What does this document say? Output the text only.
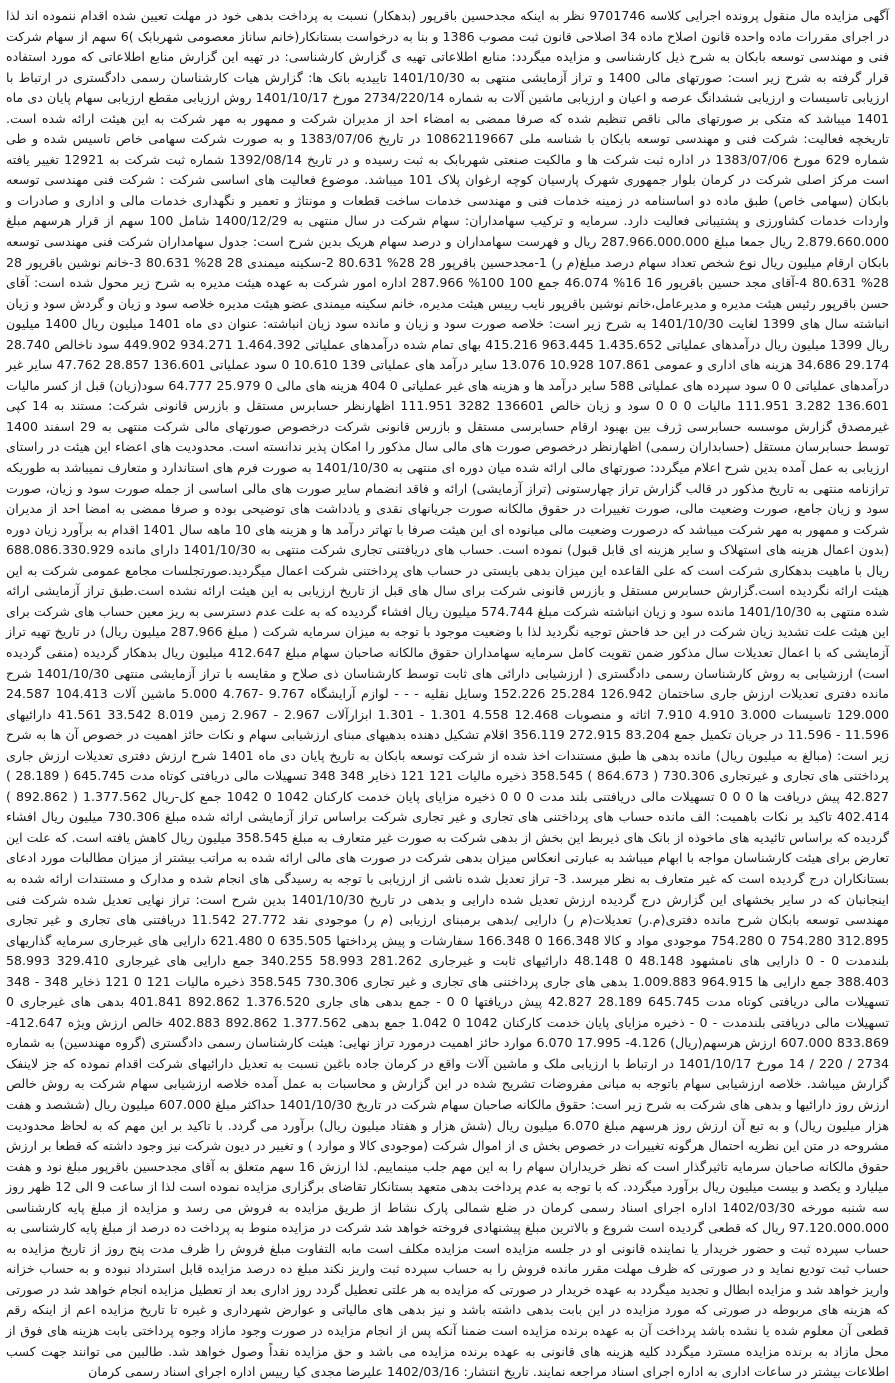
آگهی مزایده مال منقول پرونده اجرایی کلاسه 9701746 نظر به اینکه مجدحسین باقرپور (بدهکار) نسبت به پرداخت بدهی خود در مهلت تعیین شده اقدام ننموده اند لذا در اجرای مقررات ماده واحده قانون اصلاح ماده 34 اصلاحی قانون ثبت مصوب 1386 و بنا به درخواست بستانکار(خانم ساناز معصومی شهربابک )6 سهم از سهام شرکت فنی و مهندسی توسعه بابکان به شرح ذیل کارشناسی و مزایده میگردد: منابع اطلاعاتی تهیه ی گزارش کارشناسی: در تهیه این گزارش منابع اطلاعاتی که مورد استفاده قرار گرفته به شرح زیر است: صورتهای مالی 1400 و تراز آزمایشی منتهی به 1401/10/30 تاییدیه بانک ها: گزارش هیات کارشناسان رسمی دادگستری در ارتباط با ارزیابی تاسیسات و ارزیابی ششدانگ عرصه و اعیان و ارزیابی ماشین آلات به شماره 2734/220/14 مورخ 1401/10/17 روش ارزیابی مقطع ارزیابی سهام پایان دی ماه 1401 میباشد که متکی بر صورتهای مالی ناقص تنظیم شده که صرفا ممضی به امضاء احد از مدیران شرکت و ممهور به مهر شرکت به این هیئت ارائه شده است. تاریخچه فعالیت: شرکت فنی و مهندسی توسعه بابکان با شناسه ملی 10862119667 در تاریخ 1383/07/06 و به صورت شرکت سهامی خاص تاسیس شده و طی شماره 629 مورخ 1383/07/06 در اداره ثبت شرکت ها و مالکیت صنعتی شهربابک به ثبت رسیده و در تاریخ 1392/08/14 شماره ثبت شرکت به 12921 تغییر یافته است مرکز اصلی شرکت در کرمان بلوار جمهوری شهرک پارسیان کوچه ارغوان پلاک 101 میباشد. موضوع فعالیت های اساسی شرکت : شرکت فنی مهندسی توسعه بابکان (سهامی خاص) طبق ماده دو اساسنامه در زمینه خدمات فنی و مهندسی خدمات ساخت قطعات و مونتاژ و تعمیر و نگهداری خدمات مالی و اداری و صادرات و واردات خدمات کشاورزی و پشتیبانی فعالیت دارد. سرمایه و ترکیب سهامداران: سهام شرکت در سال منتهی به 1400/12/29 شامل 100 سهم از قرار هرسهم مبلغ 2.879.660.000 ریال جمعا مبلغ 287.966.000.000 ریال و فهرست سهامداران و درصد سهام هریک بدین شرح است: جدول سهامداران شرکت فنی مهندسی توسعه بابکان ارقام میلیون ریال نوع شخص تعداد سهام درصد مبلغ(م ر) 1-مجدحسین باقرپور 28 28% 80.631 2-سکینه میمندی 28 28% 80.631 3-خانم نوشین باقرپور 28 28% 80.631 4-آقای مجد حسین باقرپور 16 16% 46.074 جمع 100 100% 287.966 اداره امور شرکت به عهده هیئت مدیره به شرح زیر محول شده است: آقای حسن باقرپور رئیس هیئت مدیره و مدیرعامل،خانم نوشین باقرپور نایب رییس هیئت مدیره، خانم سکینه میمندی عضو هیئت مدیره خلاصه سود و زیان و گردش سود و زیان انباشته سال های 1399 لغایت 1401/10/30 به شرح زیر است: خلاصه صورت سود و زیان و مانده سود زیان انباشته: عنوان دی ماه 1401 میلیون ریال 1400 میلیون ریال 1399 میلیون ریال درآمدهای عملیاتی 1.435.652 963.445 415.216 بهای تمام شده درآمدهای عملیاتی 1.464.392 934.271 449.902 سود ناخالص 28.740 29.174 34.686 هزینه های اداری و عمومی 107.861 10.928 13.076 سایر درآمد های عملیاتی 139 10.610 0 سود عملیاتی 136.601 28.857 47.762 سایر غیر درآمدهای عملیاتی 0 0 سود سپرده های عملیاتی 588 سایر درآمد ها و هزینه های غیر عملیاتی 0 404 هزینه های مالی 0 25.979 64.777 سود(زیان) قبل از کسر مالیات 136.601 3.282 111.951 مالیات 0 0 0 سود و زیان خالص 136601 3282 111.951 اظهارنظر حسابرس مستقل و بازرس قانونی شرکت: مستند به 14 کپی غیرمصدق گزارش موسسه حسابرسی ژرف بین بهبود ارقام حسابرسی مستقل و بازرس قانونی شرکت درخصوص صورتهای مالی شرکت منتهی به 29 اسفند 1400 توسط حسابرسان مستقل (حسابداران رسمی) اظهارنظر درخصوص صورت های مالی سال مذکور را امکان پذیر ندانسته است. محدودیت های اعضاء این هیئت در راستای ارزیابی به عمل آمده بدین شرح اعلام میگردد: صورتهای مالی ارائه شده میان دوره ای منتهی به 1401/10/30 به صورت فرم های استاندارد و متعارف نمیباشد به طوریکه ترازنامه منتهی به تاریخ مذکور در قالب گزارش تراز چهارستونی (تراز آزمایشی) ارائه و فاقد انضمام سایر صورت های مالی اساسی از جمله صورت سود و زیان، صورت سود و زیان جامع، صورت وضعیت مالی، صورت تغییرات در حقوق مالکانه صورت جریانهای نقدی و یادداشت های توضیحی بوده و صرفا ممضی به امضا احد از مدیران شرکت و ممهور به مهر شرکت میباشد که درصورت وضعیت مالی میانوده ای این هیئت صرفا با تهاتر درآمد ها و هزینه های 10 ماهه سال 1401 اقدام به برآورد زیان دوره (بدون اعمال هزینه های استهلاک و سایر هزینه ای قابل قبول) نموده است. حساب های دریافتنی تجاری شرکت منتهی به 1401/10/30 دارای مانده 688.086.330.929 ریال با ماهیت بدهکاری شرکت است که علی القاعده این میزان بدهی بایستی در حساب های پرداختنی شرکت اعمال میگردید.صورتجلسات مجامع عمومی شرکت به این هیئت ارائه نگردیده است.گزارش حسابرس مستقل و بازرس قانونی شرکت برای سال های قبل از تاریخ ارزیابی به این هیئت ارائه نشده است.طبق تراز آزمایشی ارائه شده منتهی به 1401/10/30 مانده سود و زیان انباشته شرکت مبلغ 574.744 میلیون ریال افشاء گردیده که به علت عدم دسترسی به ریز معین حساب های شرکت برای این هیئت علت تشدید زیان شرکت در این حد فاحش توجیه نگردید لذا با وضعیت موجود با توجه به میزان سرمایه شرکت ( مبلغ 287.966 میلیون ریال) در تاریخ تهیه تراز آزمایشی که با اعمال تعدیلات سال مذکور ضمن تقویت کامل سرمایه سهامداران حقوق مالکانه صاحبان سهام مبلغ 412.647 میلیون ریال بدهکار گردیده (منفی گردیده است) ارزشیابی به روش کارشناسان رسمی دادگستری ( ارزشیابی دارائی های ثابت توسط کارشناسان ذی صلاح و مقایسه با تراز آزمایشی منتهی 1401/10/30 شرح مانده دفتری تعدیلات ارزش جاری ساختمان 126.942 25.284 152.226 وسایل نقلیه - - - لوازم آرایشگاه 9.767 -4.767 5.000 ماشین آلات 104.413 24.587 129.000 تاسیسات 3.000 4.910 7.910 اثاثه و منصوبات 12.468 4.558 1.301 - 1.301 ابزارآلات 2.967 - 2.967 زمین 8.019 33.542 41.561 دارائیهای 11.596 - 11.596 در جریان تکمیل جمع 83.204 272.915 356.119 اقلام تشکیل دهنده بدهیهای مبنای ارزشیابی سهام و نکات حائز اهمیت در خصوص آن ها به شرح زیر است: (مبالغ به میلیون ریال) مانده بدهی ها طبق مستندات اخذ شده از شرکت توسعه بابکان به تاریخ پایان دی ماه 1401 شرح ارزش دفتری تعدیلات ارزش جاری پرداختنی های تجاری و غیرتجاری 730.306 ( 864.673 ) 358.545 ذخیره مالیات 121 121 ذخایر 348 348 تسهیلات مالی دریافتی کوتاه مدت 645.745 ( 28.189 ) 42.827 پیش دریافت ها 0 0 0 تسهیلات مالی دریافتنی بلند مدت 0 0 0 ذخیره مزایای پایان خدمت کارکنان 1042 0 1042 جمع کل-ریال 1.377.562 ( 892.862 ) 402.414 تاکید بر نکات باهمیت: الف مانده حساب های پرداختنی های تجاری و غیر تجاری شرکت براساس تراز آزمایشی ارائه شده مبلغ 730.306 میلیون ریال افشاء گردیده که براساس تائیدیه های ماخوذه از بانک های ذیربط این بخش از بدهی شرکت به صورت غیر متعارف به مبلغ 358.545 میلیون ریال کاهش یافته است. که علت این تعارض برای هیئت کارشناسان مواجه با ابهام میباشد به عبارتی انعکاس میزان بدهی شرکت در صورت های مالی ارائه شده به مراتب بیشتر از میزان مطالبات مورد ادعای بستانکاران درج گردیده است که غیر متعارف به نظر میرسد. 3- تراز تعدیل شده ناشی از ارزیابی با توجه به رسیدگی های انجام شده و مدارک و مستندات ارائه شده به اینجانبان که در سایر بخشهای این گزارش درج گردیده ارزش تعدیل شده دارایی و بدهی در تاریخ 1401/10/30 بدین شرح است: تراز نهایی تعدیل شده شرکت فنی مهندسی توسعه بابکان شرح مانده دفتری(م.ر) تعدیلات(م ر) دارایی /بدهی برمبنای ارزیابی (م ر) موجودی نقد 27.772 11.542 دریافتنی های تجاری و غیر تجاری 312.895 754.280 0 754.280 موجودی مواد و کالا 166.348 0 166.348 سفارشات و پیش پرداختها 635.505 0 621.480 دارایی های غیرجاری سرمایه گذاریهای بلندمدت 0 - 0 دارایی های نامشهود 48.148 0 48.148 دارائیهای ثابت و غیرجاری 281.262 58.993 340.255 جمع دارایی های غیرجاری 329.410 58.993 388.403 جمع دارایی ها 964.915 1.009.883 بدهی های جاری پرداختنی های تجاری و غیر تجاری 730.306 358.545 ذخیره مالیات 121 0 121 ذخایر 348 - 348 تسهیلات مالی دریافتی کوتاه مدت 645.745 28.189 42.827 پیش دریافتها 0 0 - جمع بدهی های جاری 1.376.520 892.862 401.841 بدهی های غیرجاری 0 تسهیلات مالی دریافتی بلندمدت - 0 - ذخیره مزایای پایان خدمت کارکنان 1042 0 1.042 جمع بدهی 1.377.562 892.862 402.883 خالص ارزش ویژه 412.647- 833.869 607.000 ارزش هرسهم(ریال) 4.126- 17.995 6.070 موارد حائز اهمیت درمورد تراز نهایی: هیئت کارشناسان رسمی دادگستری (گروه مهندسین) به شماره 2734 / 220 / 14 مورخ 1401/10/17 در ارتباط با ارزیابی ملک و ماشین آلات واقع در کرمان جاده باغین نسبت به تعدیل دارائیهای شرکت اقدام نموده که جز لاینفک گزارش میباشد. خلاصه ارزشیابی سهام باتوجه به مبانی مفروضات تشریح شده در این گزارش و محاسبات به عمل آمده خلاصه ارزشیابی سهام شرکت به روش خالص ارزش روز دارائیها و بدهی های شرکت به شرح زیر است: حقوق مالکانه صاحبان سهام شرکت در تاریخ 1401/10/30 حداکثر مبلغ 607.000 میلیون ریال (ششصد و هفت هزار میلیون ریال) و به تبع آن ارزش روز هرسهم مبلغ 6.070 میلیون ریال (شش هزار و هفتاد میلیون ریال) برآورد می گردد. با تاکید بر این مهم که به لحاظ محدودیت مشروحه در متن این نظریه احتمال هرگونه تغییرات در خصوص بخش ی از اموال شرکت (موجودی کالا و موارد ) و تغییر در دیون شرکت نیز وجود داشته که قطعا بر ارزش حقوق مالکانه صاحبان سرمایه تاثیرگذار است که نظر خریداران سهام را به این مهم جلب مینماییم. لذا ارزش 16 سهم متعلق به آقای مجدحسین باقرپور مبلغ نود و هفت میلیارد و یکصد و بیست میلیون ریال برآورد میگردد. که با توجه به عدم پرداخت بدهی متعهد بستانکار تقاضای برگزاری مزایده نموده است لذا از ساعت 9 الی 12 ظهر روز سه شنبه مورخه 1402/03/30 اداره اجرای اسناد رسمی کرمان در ضلع شمالی پارک نشاط از طریق مزایده به فروش می رسد و مزایده از مبلغ پایه کارشناسی 97.120.000.000 ریال که قطعی گردیده است شروع و بالاترین مبلغ پیشنهادی فروخته خواهد شد شرکت در مزایده منوط به پرداخت ده درصد از مبلغ پایه کارشناسی به حساب سپرده ثبت و حضور خریدار یا نماینده قانونی او در جلسه مزایده است مزایده مکلف است مابه التفاوت مبلغ فروش را ظرف مدت پنج روز از تاریخ مزایده به حساب ثبت تودیع نماید و در صورتی که ظرف مهلت مقرر مانده فروش را به حساب سپرده ثبت واریز نکند مبلغ ده درصد مزایده قابل استرداد نبوده و به حساب خزانه واریز خواهد شد و مزایده ابطال و تجدید میگردد به عهده خریدار در صورتی که مزایده به هر علتی تعطیل گردد روز اداری بعد از تعطیل مزایده انجام خواهد شد در صورتی که هزینه های مربوطه در صورتی که مورد مزایده در این بابت بدهی داشته باشد و نیز بدهی های مالیاتی و عوارض شهرداری و غیره تا تاریخ مزایده اعم از اینکه رقم قطعی آن معلوم شده یا نشده باشد پرداخت آن به عهده برنده مزایده است ضمنا آنکه پس از انجام مزایده در صورت وجود مازاد وجوه پرداختی بابت هزینه های فوق از محل مازاد به برنده مزایده مسترد میگردد کلیه هزینه های قانونی به عهده برنده مزایده می باشد و حق مزایده نقداً وصول خواهد شد. طالبین می توانند جهت کسب اطلاعات بیشتر در ساعات اداری به اداره اجرای اسناد مراجعه نمایند. تاریخ انتشار: 1402/03/16 علیرضا مجدی کیا رییس اداره اجرای اسناد رسمی کرمان
